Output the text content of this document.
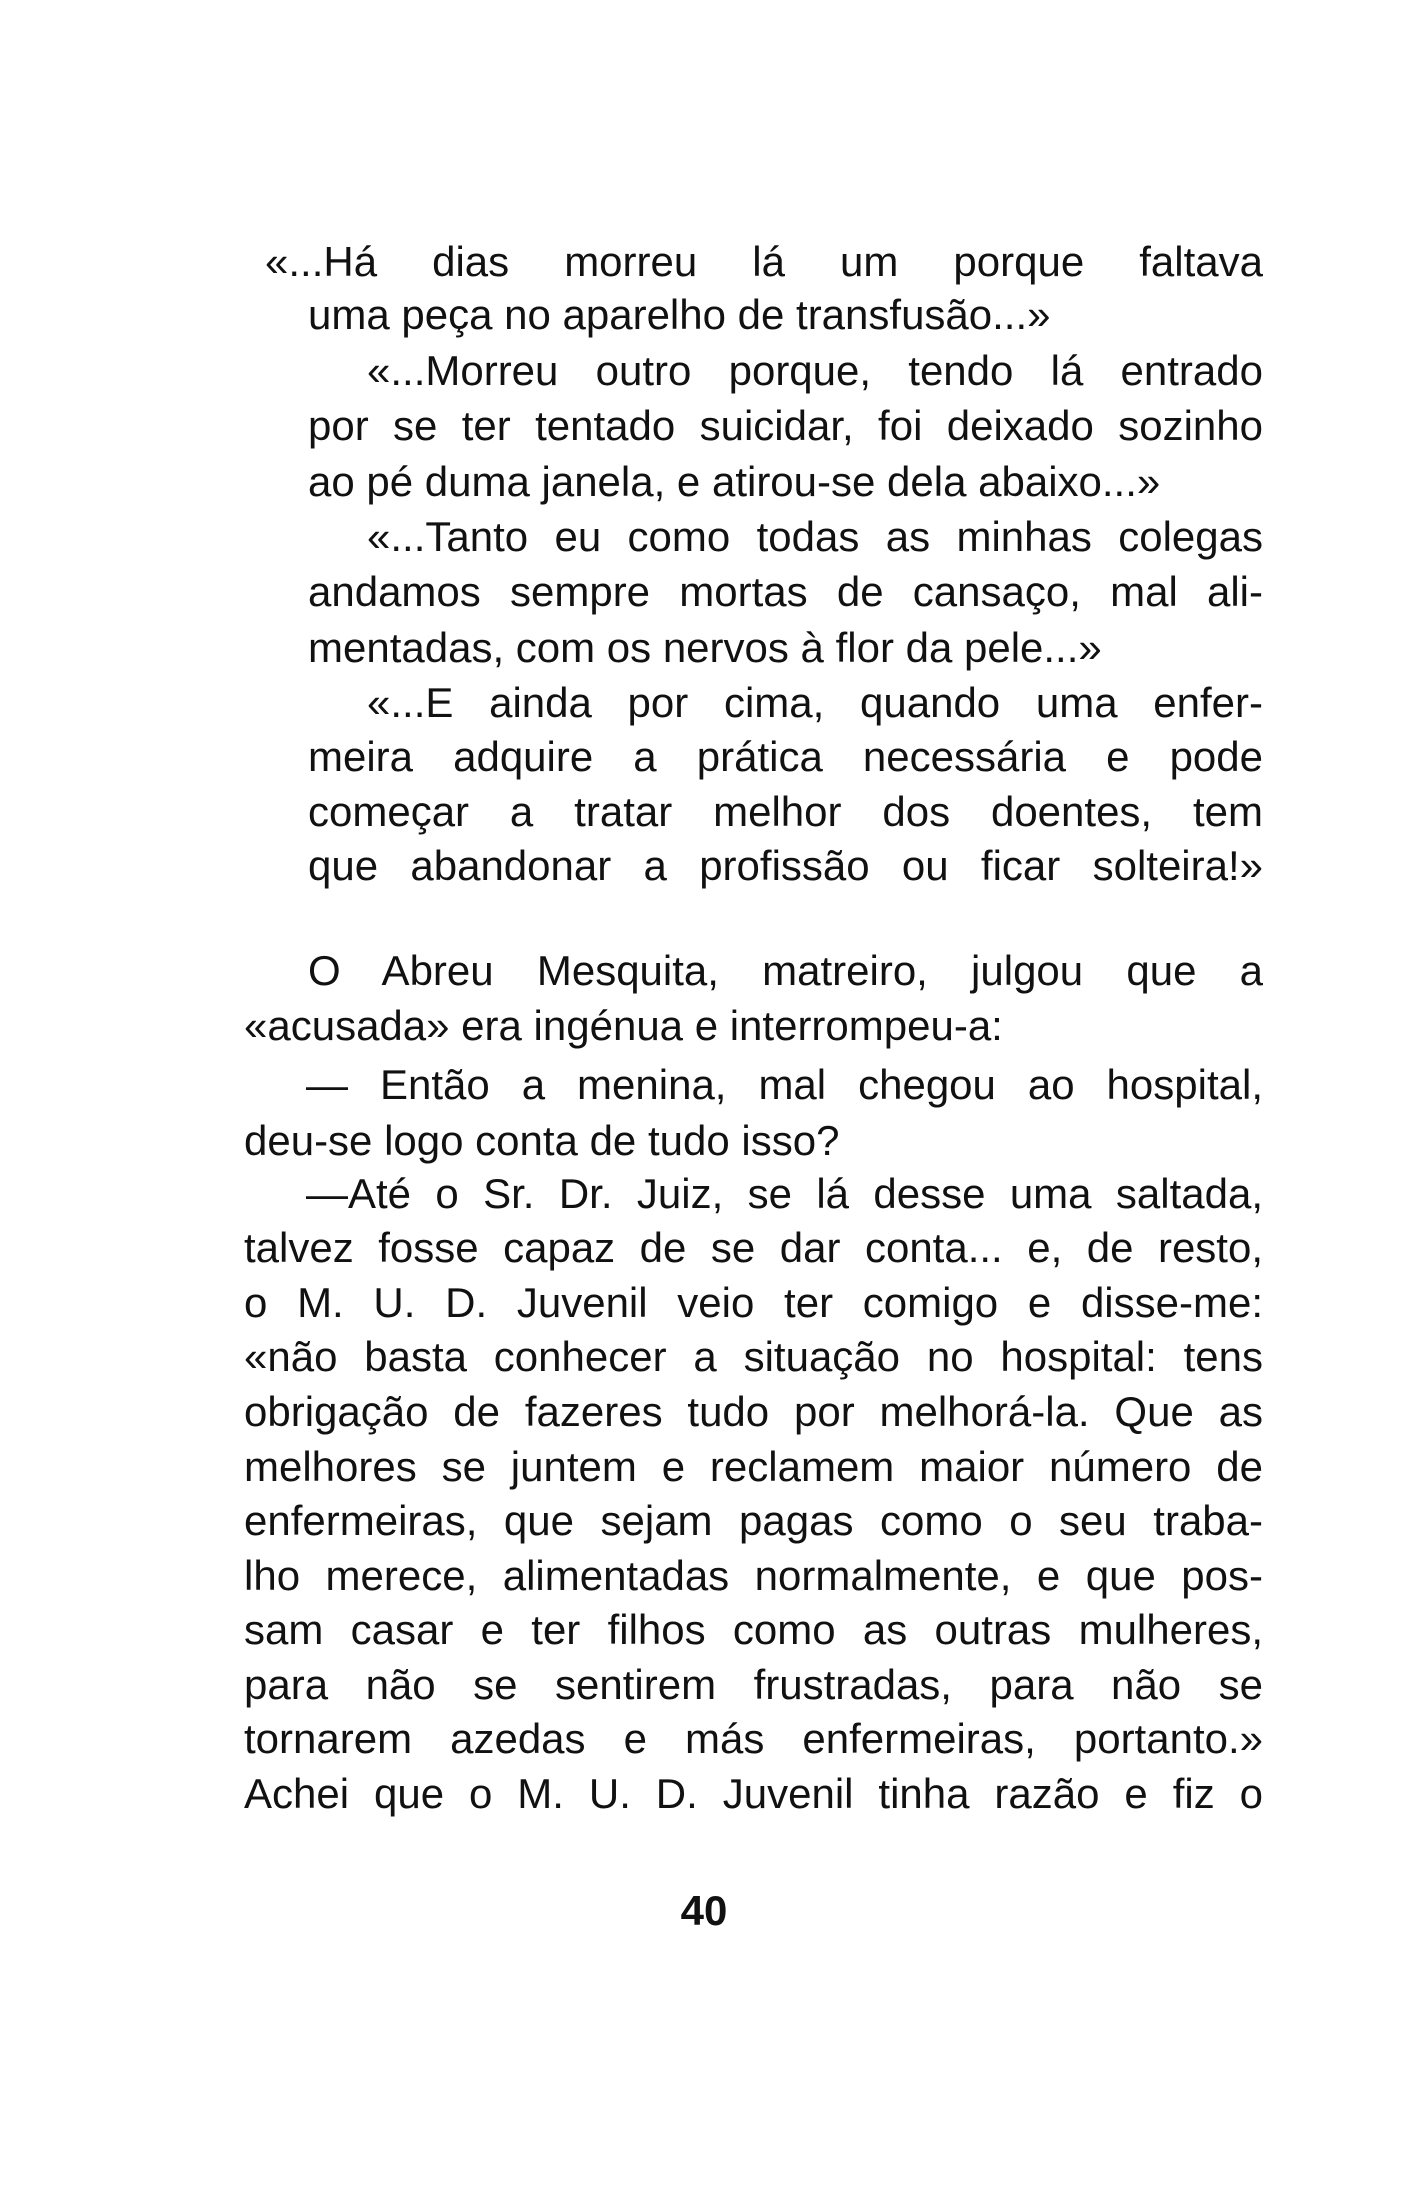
«...Há dias morreu lá um porque faltava

uma peça no aparelho de transfusão...»

«...Morreu outro porque, tendo lá entrado

por se ter tentado suicidar, foi deixado sozinho

ao pé duma janela, e atirou-se dela abaixo...»

«...Tanto eu como todas as minhas colegas

andamos sempre mortas de cansaço, mal ali-

mentadas, com os nervos à flor da pele...»

«...E ainda por cima, quando uma enfer-

meira adquire a prática necessária e pode

começar a tratar melhor dos doentes, tem

que abandonar a profissão ou ficar solteira!»

O Abreu Mesquita, matreiro, julgou que a

«acusada» era ingénua e interrompeu-a:

— Então a menina, mal chegou ao hospital,

deu-se logo conta de tudo isso?

—Até o Sr. Dr. Juiz, se lá desse uma saltada,

talvez fosse capaz de se dar conta... e, de resto,

o M. U. D. Juvenil veio ter comigo e disse-me:

«não basta conhecer a situação no hospital: tens

obrigação de fazeres tudo por melhorá-la. Que as

melhores se juntem e reclamem maior número de

enfermeiras, que sejam pagas como o seu traba-

lho merece, alimentadas normalmente, e que pos-

sam casar e ter filhos como as outras mulheres,

para não se sentirem frustradas, para não se

tornarem azedas e más enfermeiras, portanto.»

Achei que o M. U. D. Juvenil tinha razão e fiz o

40
